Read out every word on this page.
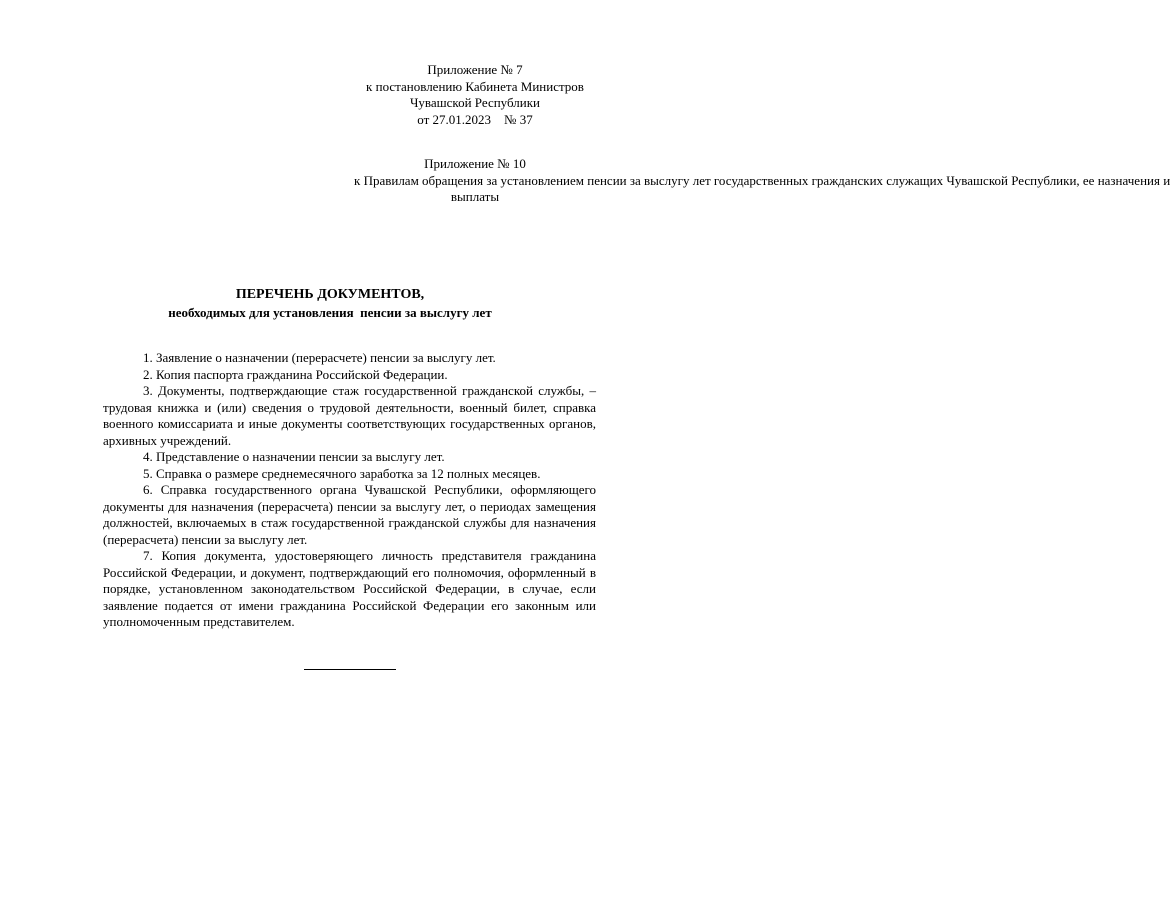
Приложение № 7
к постановлению Кабинета Министров
Чувашской Республики
от 27.01.2023    № 37
Приложение № 10
к Правилам обращения за установлением пенсии за выслугу лет государственных гражданских служащих Чувашской Республики, ее назначения и
выплаты
ПЕРЕЧЕНЬ ДОКУМЕНТОВ,
необходимых для установления  пенсии за выслугу лет
1. Заявление о назначении (перерасчете) пенсии за выслугу лет.
2. Копия паспорта гражданина Российской Федерации.
3. Документы, подтверждающие стаж государственной гражданской службы, – трудовая книжка и (или) сведения о трудовой деятельности, военный билет, справка военного комиссариата и иные документы соответствующих государственных органов, архивных учреждений.
4. Представление о назначении пенсии за выслугу лет.
5. Справка о размере среднемесячного заработка за 12 полных месяцев.
6. Справка государственного органа Чувашской Республики, оформляющего документы для назначения (перерасчета) пенсии за выслугу лет, о периодах замещения должностей, включаемых в стаж государственной гражданской службы для назначения (перерасчета) пенсии за выслугу лет.
7. Копия документа, удостоверяющего личность представителя гражданина Российской Федерации, и документ, подтверждающий его полномочия, оформленный в порядке, установленном законодательством Российской Федерации, в случае, если заявление подается от имени гражданина Российской Федерации его законным или уполномоченным представителем.
